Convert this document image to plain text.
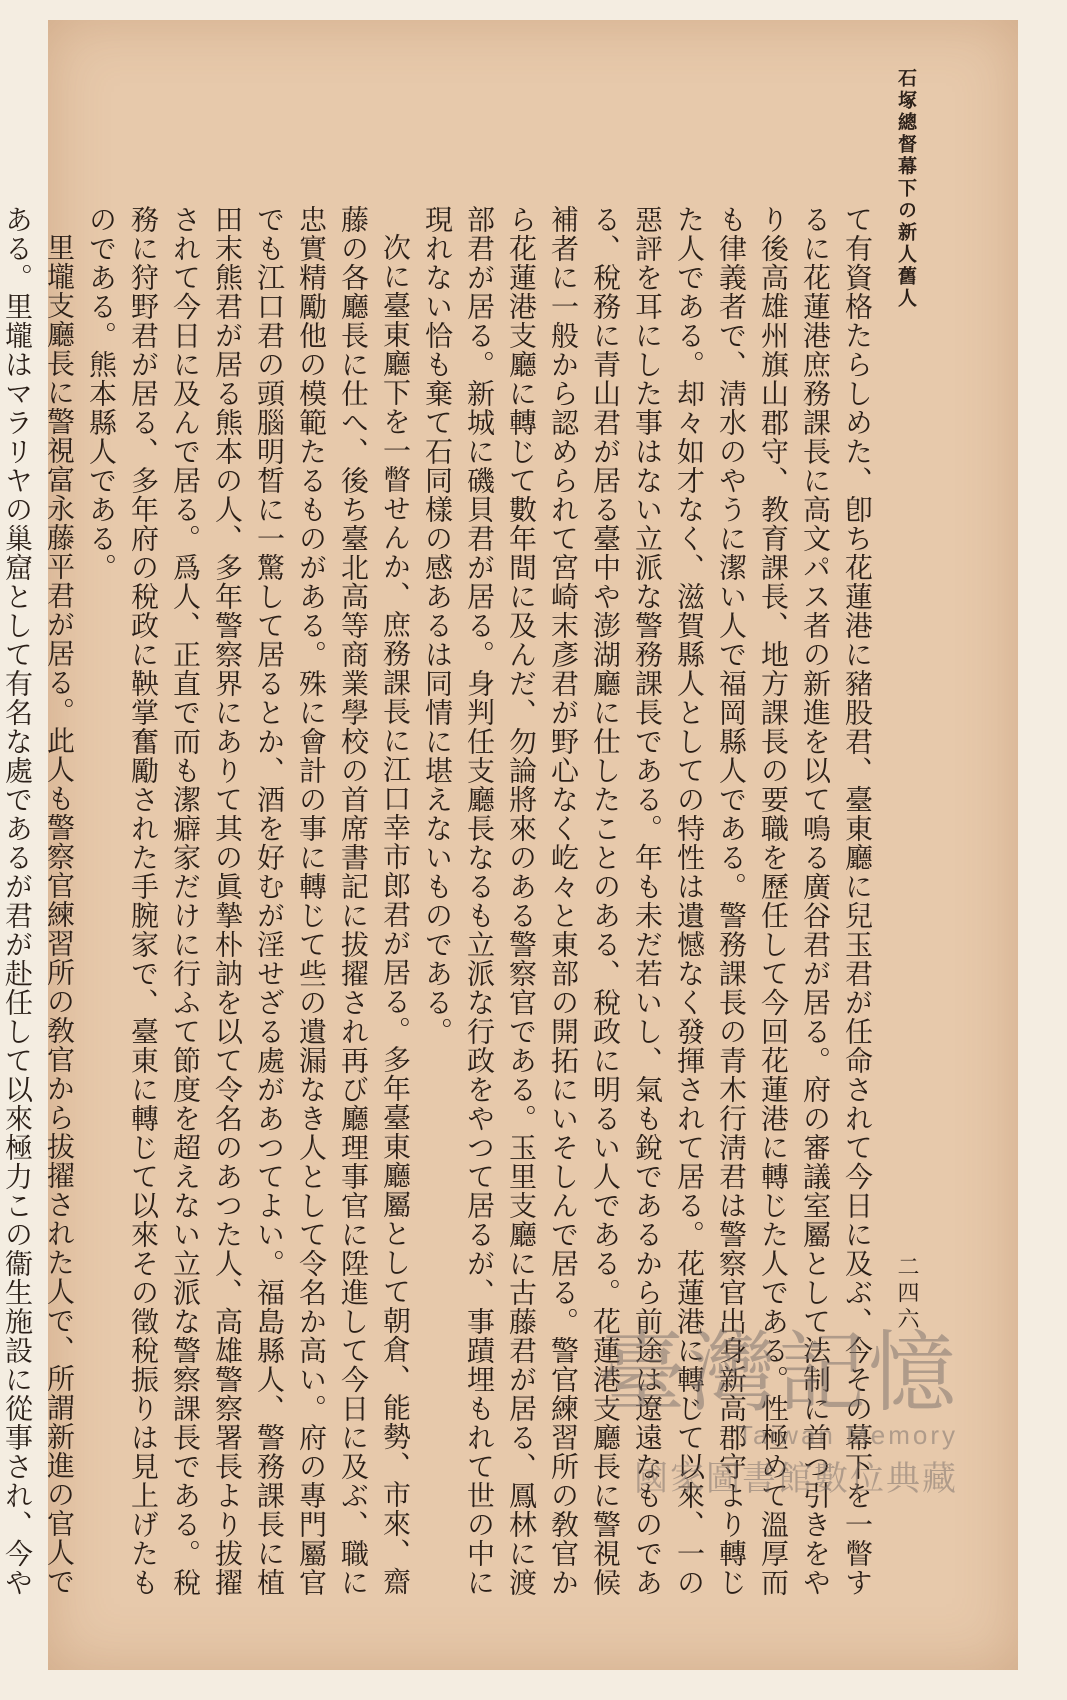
石塚總督幕下の新人舊人

二四六

て有資格たらしめた、卽ち花蓮港に豬股君、臺東廳に兒玉君が任命されて今日に及ぶ、今その幕下を一瞥するに花蓮港庶務課長に高文パス者の新進を以て鳴る廣谷君が居る。府の審議室屬として法制に首つ引きをやり後高雄州旗山郡守、教育課長、地方課長の要職を歷任して今回花蓮港に轉じた人である。性極めて溫厚而も律義者で、淸水のやうに潔い人で福岡縣人である。警務課長の青木行淸君は警察官出身新高郡守より轉じた人である。却々如才なく、滋賀縣人としての特性は遺憾なく發揮されて居る。花蓮港に轉じて以來、一の惡評を耳にした事はない立派な警務課長である。年も未だ若いし、氣も銳であるから前途は遼遠なものである、稅務に青山君が居る臺中や澎湖廳に仕したことのある、稅政に明るい人である。花蓮港支廳長に警視候補者に一般から認められて宮崎末彥君が野心なく屹々と東部の開拓にいそしんで居る。警官練習所の敎官から花蓮港支廳に轉じて數年間に及んだ、勿論將來のある警察官である。玉里支廳に古藤君が居る、鳳林に渡部君が居る。新城に磯貝君が居る。身判任支廳長なるも立派な行政をやつて居るが、事蹟埋もれて世の中に現れない恰も棄て石同樣の感あるは同情に堪えないものである。

次に臺東廳下を一瞥せんか、庶務課長に江口幸市郎君が居る。多年臺東廳屬として朝倉、能勢、市來、齋藤の各廳長に仕へ、後ち臺北高等商業學校の首席書記に拔擢され再び廳理事官に陞進して今日に及ぶ、職に忠實精勵他の模範たるものがある。殊に會計の事に轉じて些の遺漏なき人として令名か高い。府の專門屬官でも江口君の頭腦明晳に一驚して居るとか、酒を好むが淫せざる處があつてよい。福島縣人、警務課長に植田末熊君が居る熊本の人、多年警察界にありて其の眞摯朴訥を以て令名のあつた人、高雄警察署長より拔擢されて今日に及んで居る。爲人、正直で而も潔癖家だけに行ふて節度を超えない立派な警察課長である。稅務に狩野君が居る、多年府の稅政に鞅掌奮勵された手腕家で、臺東に轉じて以來その徵稅振りは見上げたものである。熊本縣人である。

里壠支廳長に警視富永藤平君が居る。此人も警察官練習所の敎官から拔擢された人で、所謂新進の官人である。里壠はマラリヤの巢窟として有名な處であるが君が赴任して以來極力この衞生施設に從事され、今や

臺灣記憶
Taiwan Memory
國家圖書館數位典藏
